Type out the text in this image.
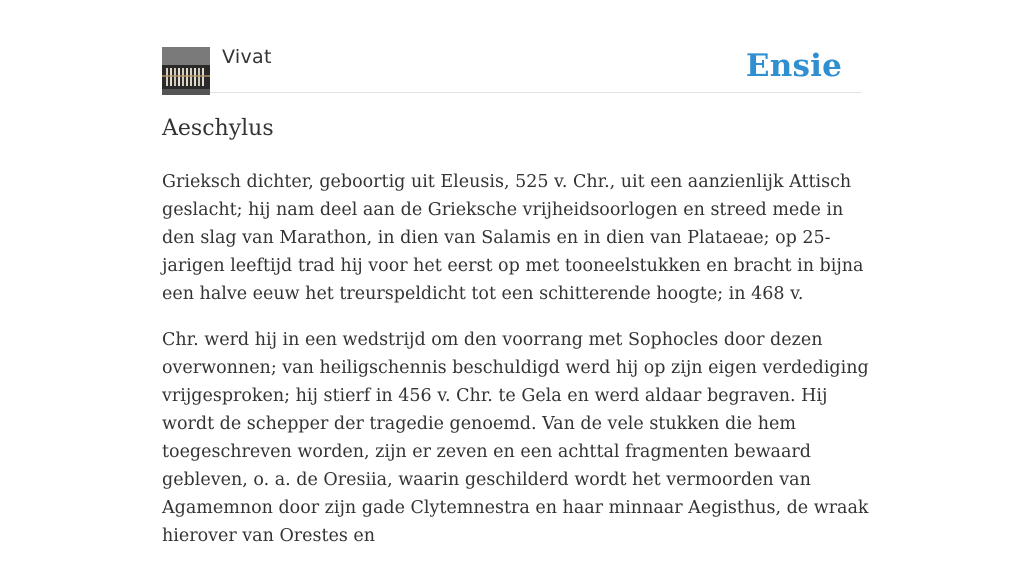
Vivat	Ensie
Aeschylus

Grieksch dichter, geboortig uit Eleusis, 525 v. Chr., uit een aanzienlijk Attisch geslacht; hij nam deel aan de Grieksche vrijheidsoorlogen en streed mede in den slag van Marathon, in dien van Salamis en in dien van Plataeae; op 25-jarigen leeftijd trad hij voor het eerst op met tooneelstukken en bracht in bijna een halve eeuw het treurspeldicht tot een schitterende hoogte; in 468 v.

Chr. werd hij in een wedstrijd om den voorrang met Sophocles door dezen overwonnen; van heiligschennis beschuldigd werd hij op zijn eigen verdediging vrijgesproken; hij stierf in 456 v. Chr. te Gela en werd aldaar begraven. Hij wordt de schepper der tragedie genoemd. Van de vele stukken die hem toegeschreven worden, zijn er zeven en een achttal fragmenten bewaard gebleven, o. a. de Oresiia, waarin geschilderd wordt het vermoorden van Agamemnon door zijn gade Clytemnestra en haar minnaar Aegisthus, de wraak hierover van Orestes en
